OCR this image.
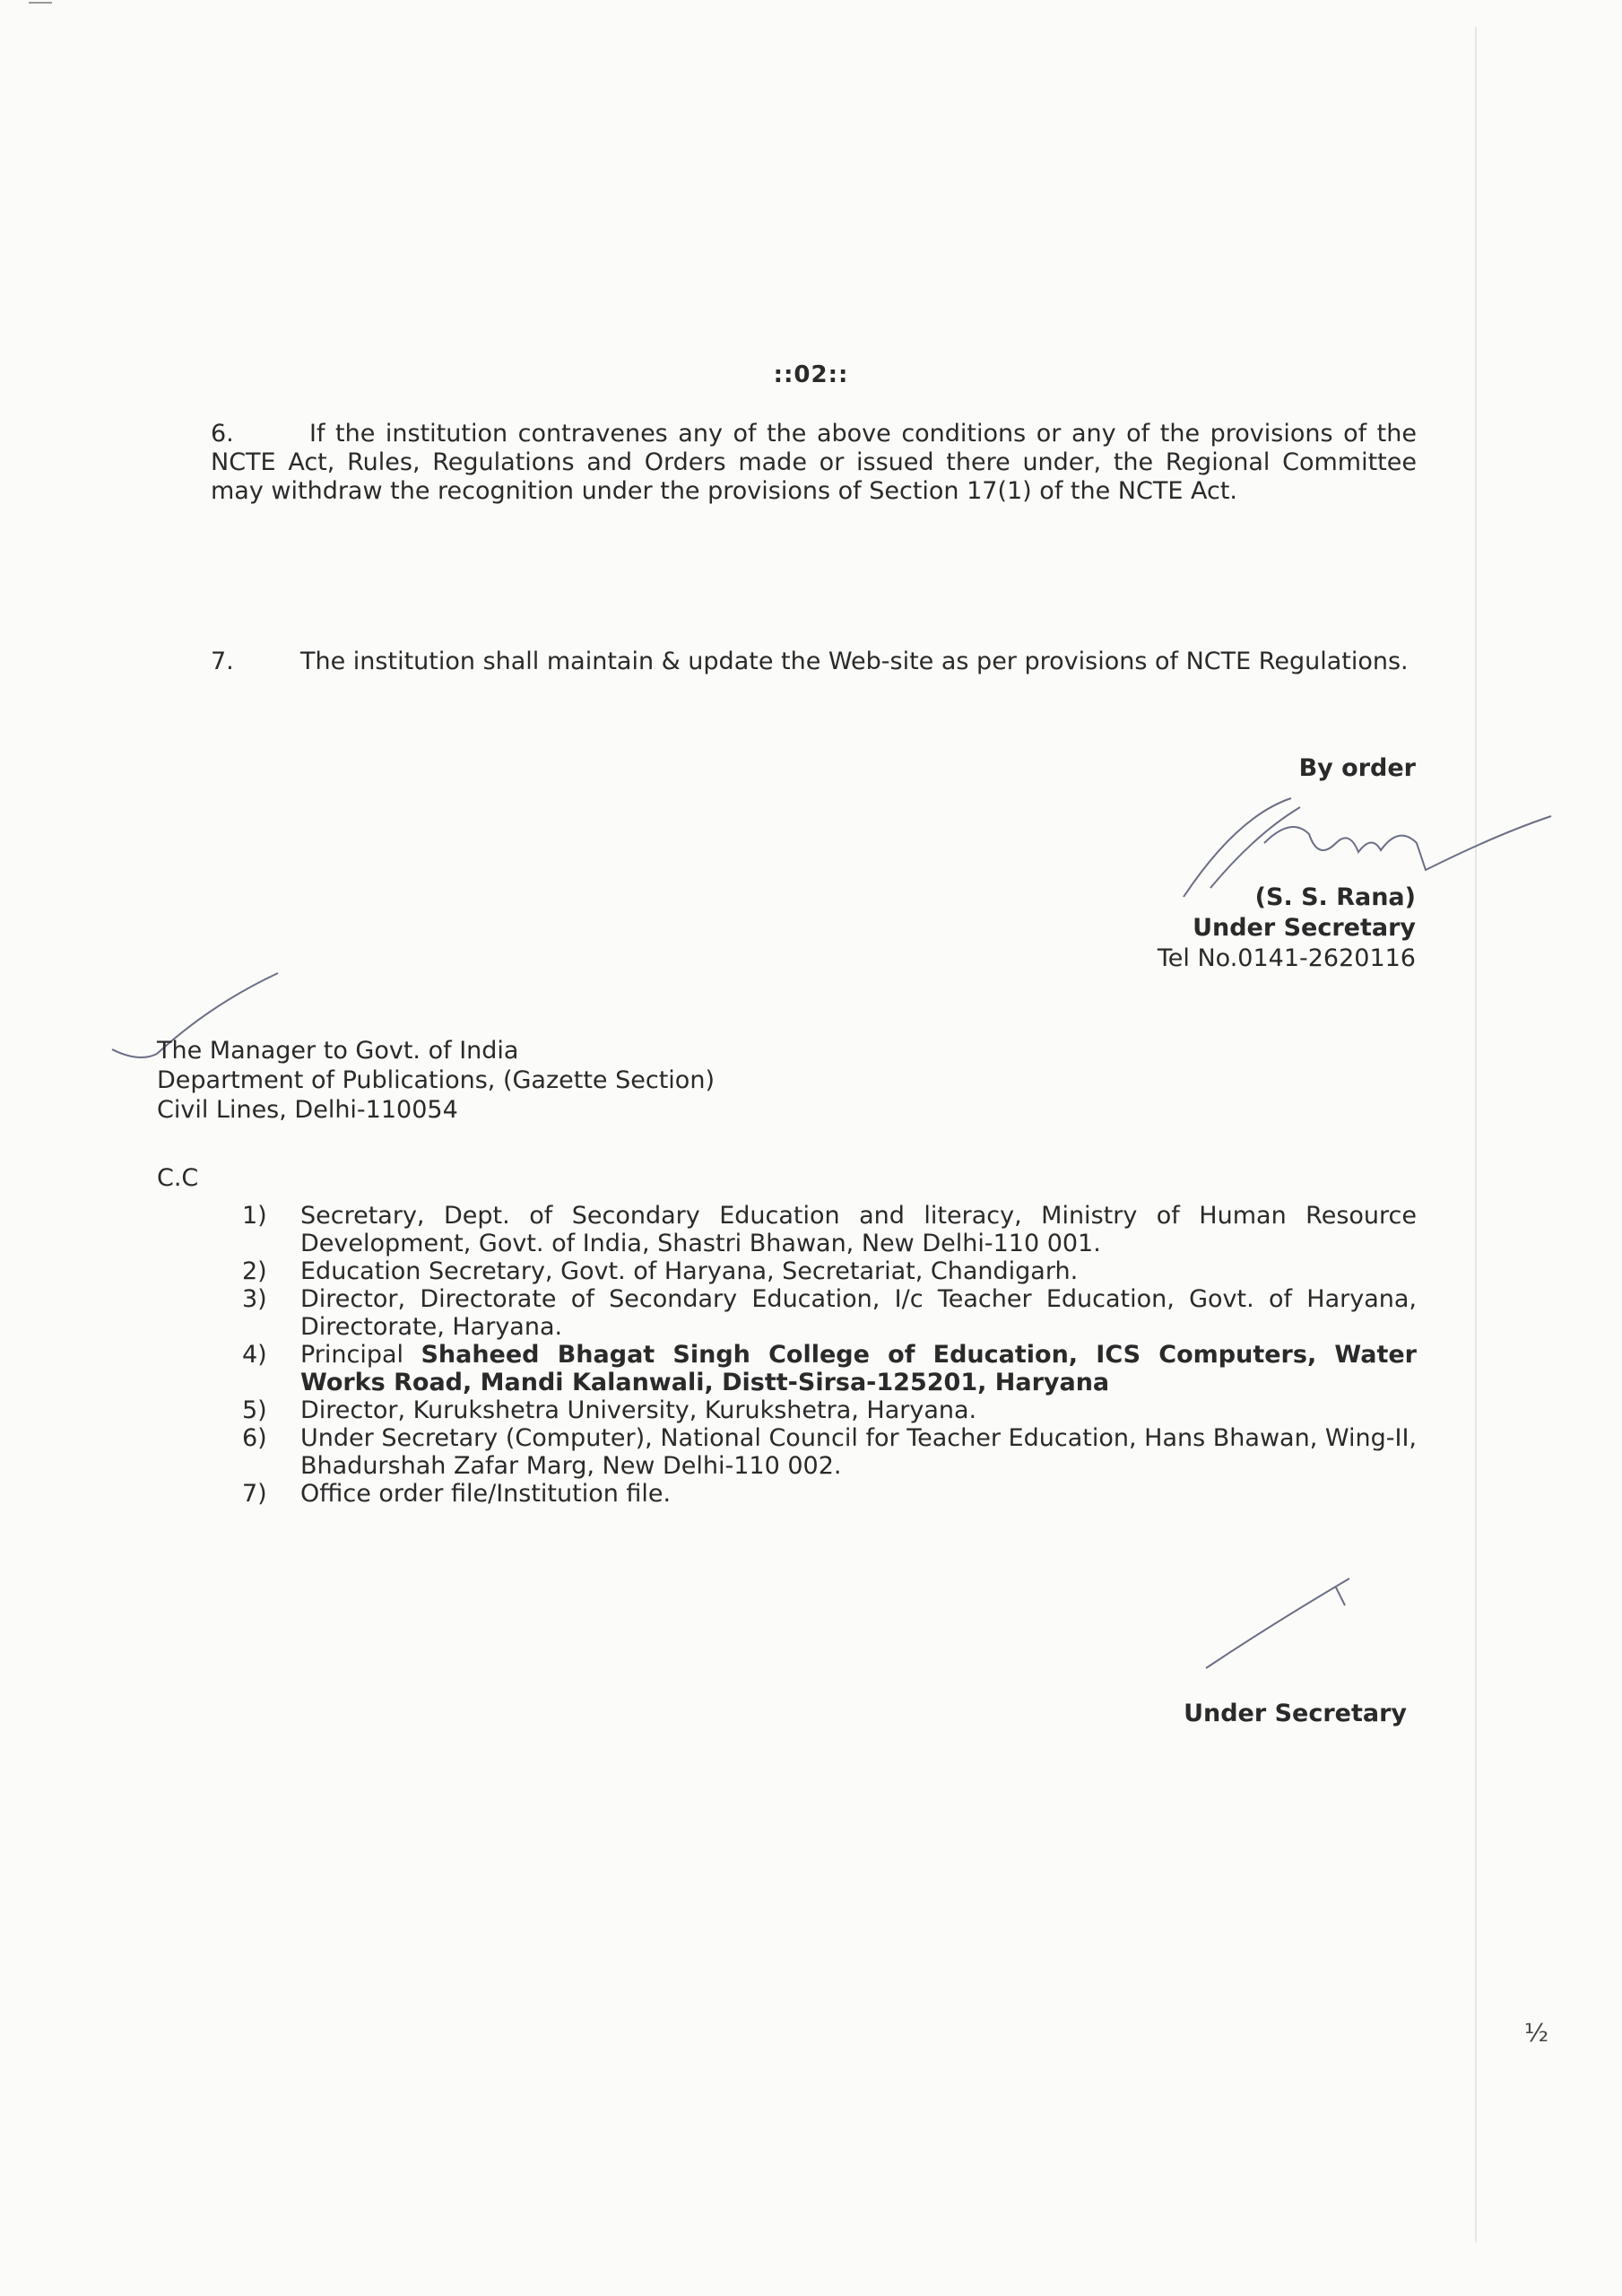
::02::
6.	If the institution contravenes any of the above conditions or any of the provisions of the NCTE Act, Rules, Regulations and Orders made or issued there under, the Regional Committee may withdraw the recognition under the provisions of Section 17(1) of the NCTE Act.
7.	The institution shall maintain & update the Web-site as per provisions of NCTE Regulations.
By order
(S. S. Rana)
Under Secretary
Tel No.0141-2620116
The Manager to Govt. of India
Department of Publications, (Gazette Section)
Civil Lines, Delhi-110054
C.C
1) Secretary, Dept. of Secondary Education and literacy, Ministry of Human Resource Development, Govt. of India, Shastri Bhawan, New Delhi-110 001.
2) Education Secretary, Govt. of Haryana, Secretariat, Chandigarh.
3) Director, Directorate of Secondary Education, I/c Teacher Education, Govt. of Haryana, Directorate, Haryana.
4) Principal Shaheed Bhagat Singh College of Education, ICS Computers, Water Works Road, Mandi Kalanwali, Distt-Sirsa-125201, Haryana
5) Director, Kurukshetra University, Kurukshetra, Haryana.
6) Under Secretary (Computer), National Council for Teacher Education, Hans Bhawan, Wing-II, Bhadurshah Zafar Marg, New Delhi-110 002.
7) Office order file/Institution file.
Under Secretary
½
